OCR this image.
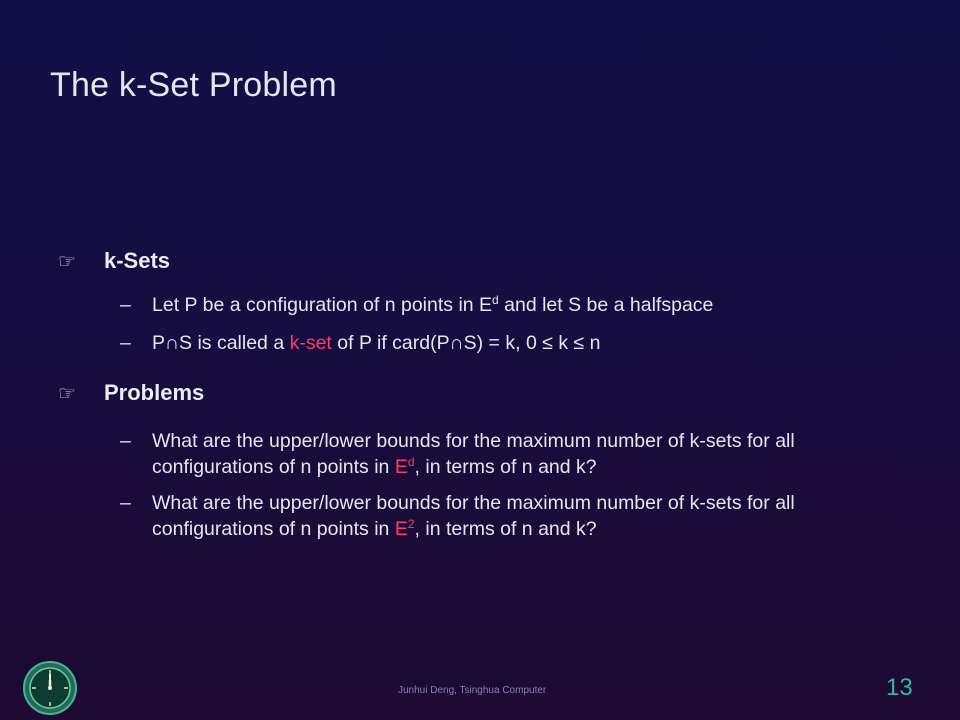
The k-Set Problem
☞	k-Sets
–	Let P be a configuration of n points in $E^d$ and let S be a halfspace
–	P∩S is called a k-set of P if card(P∩S) = k, 0 ≤ k ≤ n
☞	Problems
–	What are the upper/lower bounds for the maximum number of k-sets for all configurations of n points in $E^d$, in terms of n and k?
–	What are the upper/lower bounds for the maximum number of k-sets for all configurations of n points in $E^2$, in terms of n and k?
Junhui Deng, Tsinghua Computer	13
